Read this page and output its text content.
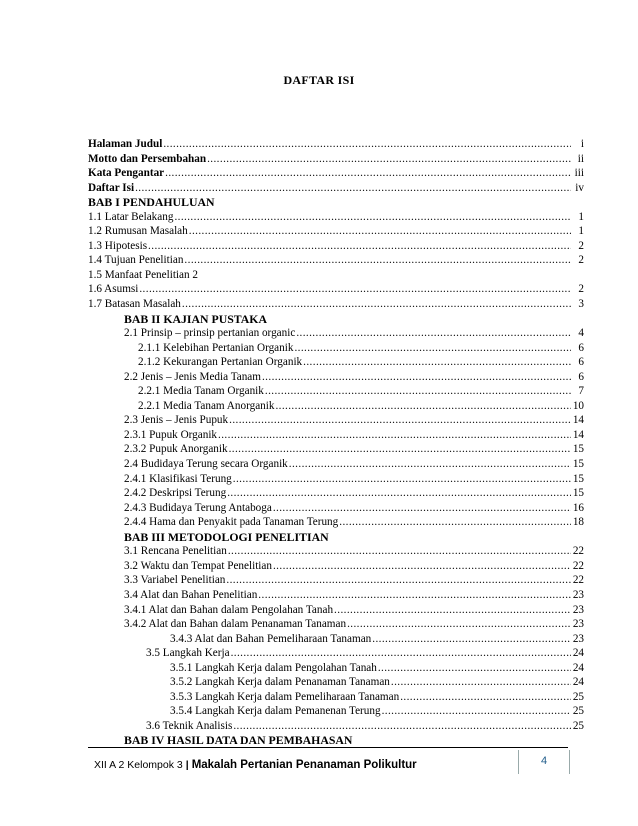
DAFTAR ISI
Halaman Judul .....	i
Motto dan Persembahan .....	ii
Kata Pengantar .....	iii
Daftar Isi .....	iv
BAB I PENDAHULUAN
1.1 Latar Belakang .....	1
1.2 Rumusan Masalah .....	1
1.3 Hipotesis .....	2
1.4 Tujuan Penelitian .....	2
1.5 Manfaat Penelitian 2
1.6 Asumsi .....	2
1.7 Batasan Masalah .....	3
BAB II KAJIAN PUSTAKA
2.1 Prinsip – prinsip pertanian organic .....	4
2.1.1 Kelebihan Pertanian Organik .....	6
2.1.2 Kekurangan Pertanian Organik .....	6
2.2 Jenis – Jenis Media Tanam .....	6
2.2.1 Media Tanam Organik .....	7
2.2.1 Media Tanam Anorganik .....	10
2.3 Jenis – Jenis Pupuk .....	14
2.3.1 Pupuk Organik .....	14
2.3.2 Pupuk Anorganik .....	15
2.4 Budidaya Terung secara Organik .....	15
2.4.1 Klasifikasi Terung .....	15
2.4.2 Deskripsi Terung .....	15
2.4.3 Budidaya Terung Antaboga .....	16
2.4.4 Hama dan Penyakit pada Tanaman Terung .....	18
BAB III METODOLOGI PENELITIAN
3.1 Rencana Penelitian .....	22
3.2 Waktu dan Tempat Penelitian .....	22
3.3 Variabel Penelitian .....	22
3.4 Alat dan Bahan Penelitian .....	23
3.4.1 Alat dan Bahan dalam Pengolahan Tanah .....	23
3.4.2 Alat dan Bahan dalam Penanaman Tanaman .....	23
3.4.3 Alat dan Bahan Pemeliharaan Tanaman .....	23
3.5 Langkah Kerja .....	24
3.5.1 Langkah Kerja dalam Pengolahan Tanah .....	24
3.5.2 Langkah Kerja dalam Penanaman Tanaman .....	24
3.5.3 Langkah Kerja dalam Pemeliharaan Tanaman .....	25
3.5.4 Langkah Kerja dalam Pemanenan Terung .....	25
3.6 Teknik Analisis .....	25
BAB IV HASIL DATA DAN PEMBAHASAN
XII A 2 Kelompok 3 | Makalah Pertanian Penanaman Polikultur	4
